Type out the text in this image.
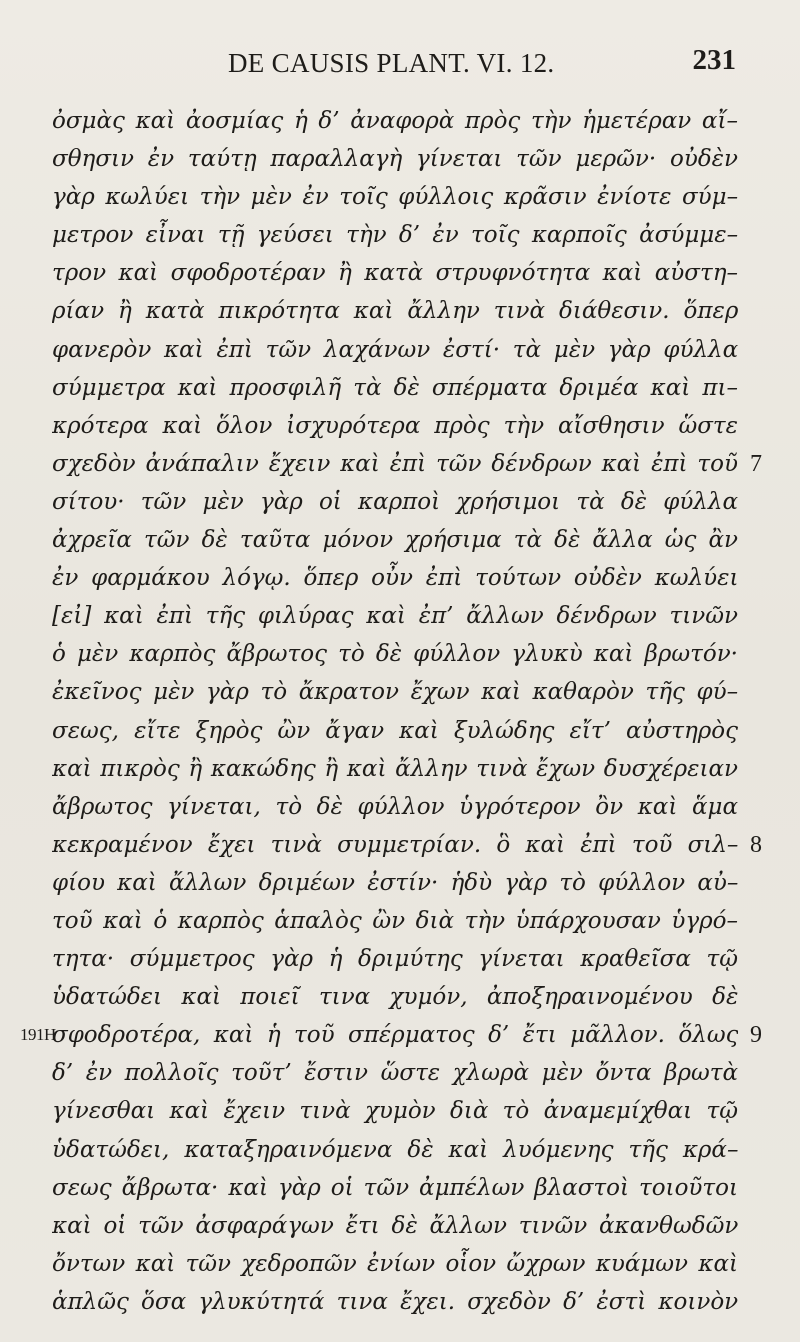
DE CAUSIS PLANT. VI. 12.	231
ὀσμὰς καὶ ἀοσμίας ἡ δ’ ἀναφορὰ πρὸς τὴν ἡμετέραν αἴ–
σθησιν ἐν ταύτῃ παραλλαγὴ γίνεται τῶν μερῶν· οὐδὲν
γὰρ κωλύει τὴν μὲν ἐν τοῖς φύλλοις κρᾶσιν ἐνίοτε σύμ–
μετρον εἶναι τῇ γεύσει τὴν δ’ ἐν τοῖς καρποῖς ἀσύμμε–
τρον καὶ σφοδροτέραν ἢ κατὰ στρυφνότητα καὶ αὐστη–
ρίαν ἢ κατὰ πικρότητα καὶ ἄλλην τινὰ διάθεσιν. ὅπερ
φανερὸν καὶ ἐπὶ τῶν λαχάνων ἐστί· τὰ μὲν γὰρ φύλλα
σύμμετρα καὶ προσφιλῆ τὰ δὲ σπέρματα δριμέα καὶ πι–
κρότερα καὶ ὅλον ἰσχυρότερα πρὸς τὴν αἴσθησιν ὥστε
σχεδὸν ἀνάπαλιν ἔχειν καὶ ἐπὶ τῶν δένδρων καὶ ἐπὶ τοῦ 7
σίτου· τῶν μὲν γὰρ οἱ καρποὶ χρήσιμοι τὰ δὲ φύλλα
ἀχρεῖα τῶν δὲ ταῦτα μόνον χρήσιμα τὰ δὲ ἄλλα ὡς ἂν
ἐν φαρμάκου λόγῳ. ὅπερ οὖν ἐπὶ τούτων οὐδὲν κωλύει
[εἰ] καὶ ἐπὶ τῆς φιλύρας καὶ ἐπ’ ἄλλων δένδρων τινῶν
ὁ μὲν καρπὸς ἄβρωτος τὸ δὲ φύλλον γλυκὺ καὶ βρωτόν·
ἐκεῖνος μὲν γὰρ τὸ ἄκρατον ἔχων καὶ καθαρὸν τῆς φύ–
σεως, εἴτε ξηρὸς ὢν ἄγαν καὶ ξυλώδης εἴτ’ αὐστηρὸς
καὶ πικρὸς ἢ κακώδης ἢ καὶ ἄλλην τινὰ ἔχων δυσχέρειαν
ἄβρωτος γίνεται, τὸ δὲ φύλλον ὑγρότερον ὂν καὶ ἅμα
κεκραμένον ἔχει τινὰ συμμετρίαν. ὃ καὶ ἐπὶ τοῦ σιλ– 8
φίου καὶ ἄλλων δριμέων ἐστίν· ἡδὺ γὰρ τὸ φύλλον αὐ–
τοῦ καὶ ὁ καρπὸς ἁπαλὸς ὢν διὰ τὴν ὑπάρχουσαν ὑγρό–
τητα· σύμμετρος γὰρ ἡ δριμύτης γίνεται κραθεῖσα τῷ
ὑδατώδει καὶ ποιεῖ τινα χυμόν, ἀποξηραινομένου δὲ
191H
σφοδροτέρα, καὶ ἡ τοῦ σπέρματος δ’ ἔτι μᾶλλον. ὅλως 9
δ’ ἐν πολλοῖς τοῦτ’ ἔστιν ὥστε χλωρὰ μὲν ὄντα βρωτὰ
γίνεσθαι καὶ ἔχειν τινὰ χυμὸν διὰ τὸ ἀναμεμίχθαι τῷ
ὑδατώδει, καταξηραινόμενα δὲ καὶ λυόμενης τῆς κρά–
σεως ἄβρωτα· καὶ γὰρ οἱ τῶν ἀμπέλων βλαστοὶ τοιοῦτοι
καὶ οἱ τῶν ἀσφαράγων ἔτι δὲ ἄλλων τινῶν ἀκανθωδῶν
ὄντων καὶ τῶν χεδροπῶν ἐνίων οἷον ὤχρων κυάμων καὶ
ἁπλῶς ὅσα γλυκύτητά τινα ἔχει. σχεδὸν δ’ ἐστὶ κοινὸν
